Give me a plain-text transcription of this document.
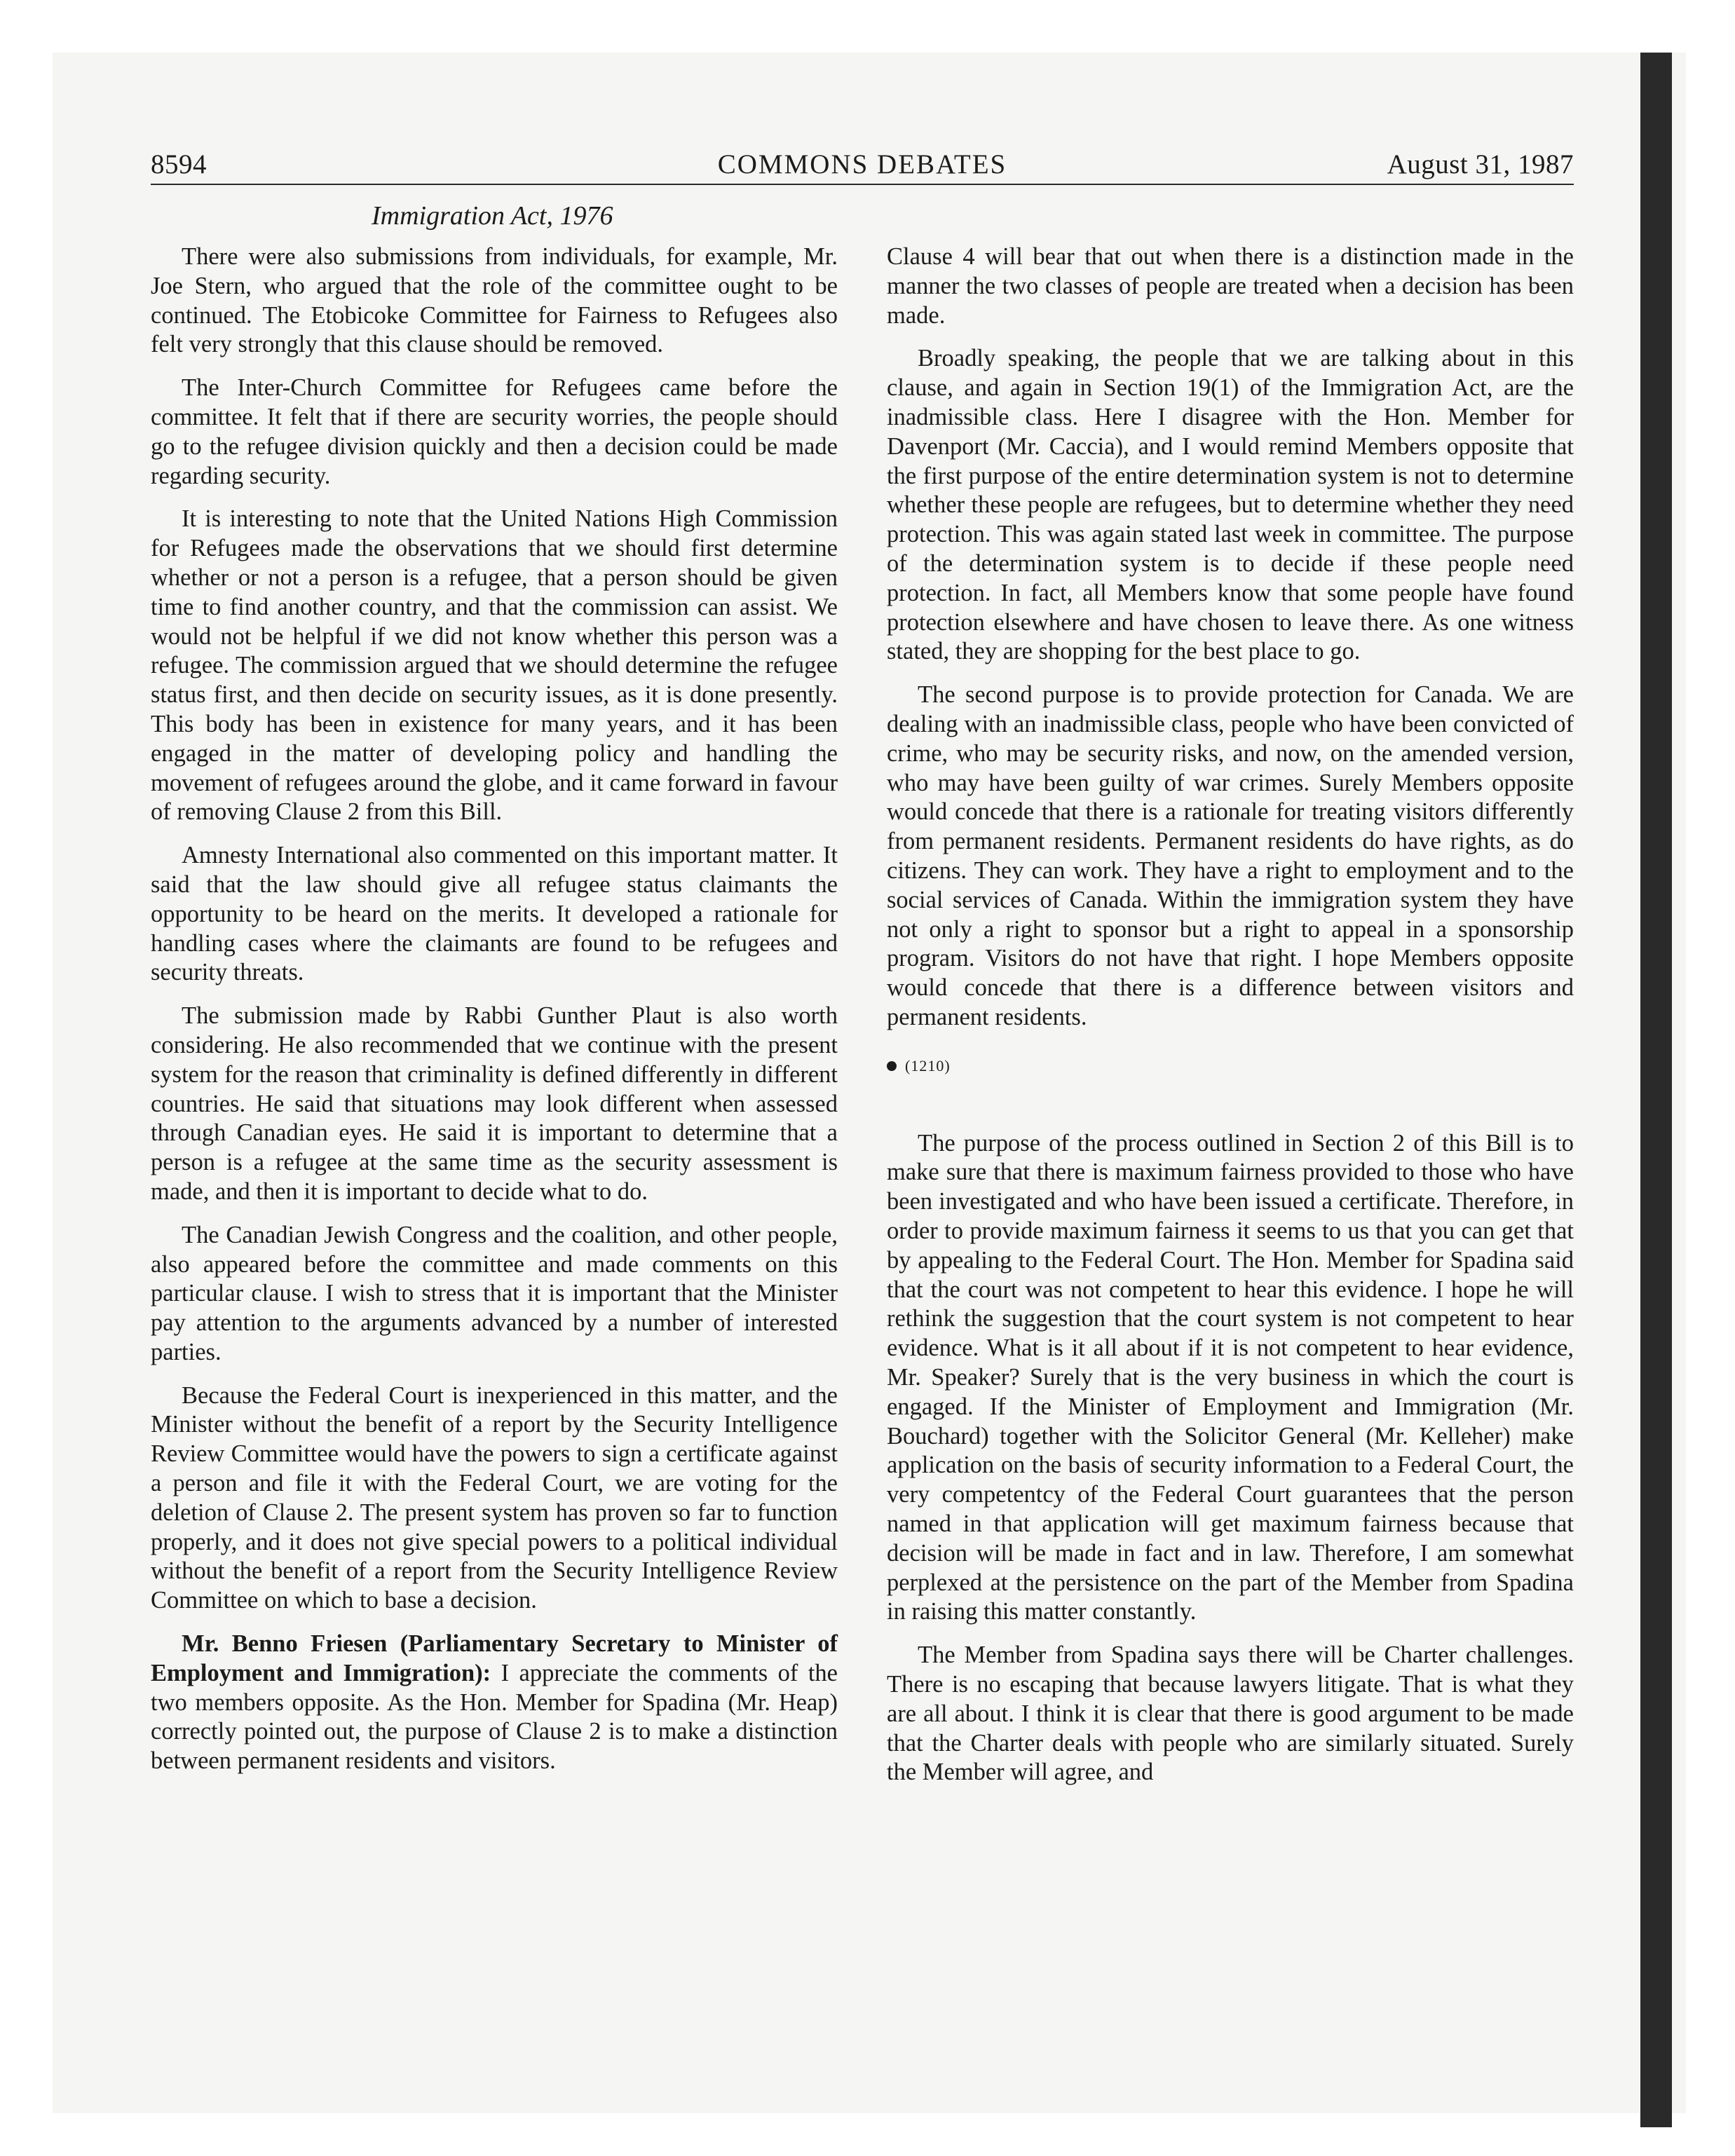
8594	COMMONS DEBATES	August 31, 1987
Immigration Act, 1976

There were also submissions from individuals, for example, Mr. Joe Stern, who argued that the role of the committee ought to be continued. The Etobicoke Committee for Fairness to Refugees also felt very strongly that this clause should be removed.

The Inter-Church Committee for Refugees came before the committee. It felt that if there are security worries, the people should go to the refugee division quickly and then a decision could be made regarding security.

It is interesting to note that the United Nations High Commission for Refugees made the observations that we should first determine whether or not a person is a refugee, that a person should be given time to find another country, and that the commission can assist. We would not be helpful if we did not know whether this person was a refugee. The commission argued that we should determine the refugee status first, and then decide on security issues, as it is done presently. This body has been in existence for many years, and it has been engaged in the matter of developing policy and handling the movement of refugees around the globe, and it came forward in favour of removing Clause 2 from this Bill.

Amnesty International also commented on this important matter. It said that the law should give all refugee status claimants the opportunity to be heard on the merits. It developed a rationale for handling cases where the claimants are found to be refugees and security threats.

The submission made by Rabbi Gunther Plaut is also worth considering. He also recommended that we continue with the present system for the reason that criminality is defined differently in different countries. He said that situations may look different when assessed through Canadian eyes. He said it is important to determine that a person is a refugee at the same time as the security assessment is made, and then it is important to decide what to do.

The Canadian Jewish Congress and the coalition, and other people, also appeared before the committee and made comments on this particular clause. I wish to stress that it is important that the Minister pay attention to the arguments advanced by a number of interested parties.

Because the Federal Court is inexperienced in this matter, and the Minister without the benefit of a report by the Security Intelligence Review Committee would have the powers to sign a certificate against a person and file it with the Federal Court, we are voting for the deletion of Clause 2. The present system has proven so far to function properly, and it does not give special powers to a political individual without the benefit of a report from the Security Intelligence Review Committee on which to base a decision.

Mr. Benno Friesen (Parliamentary Secretary to Minister of Employment and Immigration): I appreciate the comments of the two members opposite. As the Hon. Member for Spadina (Mr. Heap) correctly pointed out, the purpose of Clause 2 is to make a distinction between permanent residents and visitors.

Clause 4 will bear that out when there is a distinction made in the manner the two classes of people are treated when a decision has been made.

Broadly speaking, the people that we are talking about in this clause, and again in Section 19(1) of the Immigration Act, are the inadmissible class. Here I disagree with the Hon. Member for Davenport (Mr. Caccia), and I would remind Members opposite that the first purpose of the entire determination system is not to determine whether these people are refugees, but to determine whether they need protection. This was again stated last week in committee. The purpose of the determination system is to decide if these people need protection. In fact, all Members know that some people have found protection elsewhere and have chosen to leave there. As one witness stated, they are shopping for the best place to go.

The second purpose is to provide protection for Canada. We are dealing with an inadmissible class, people who have been convicted of crime, who may be security risks, and now, on the amended version, who may have been guilty of war crimes. Surely Members opposite would concede that there is a rationale for treating visitors differently from permanent residents. Permanent residents do have rights, as do citizens. They can work. They have a right to employment and to the social services of Canada. Within the immigration system they have not only a right to sponsor but a right to appeal in a sponsorship program. Visitors do not have that right. I hope Members opposite would concede that there is a difference between visitors and permanent residents.

(1210)

The purpose of the process outlined in Section 2 of this Bill is to make sure that there is maximum fairness provided to those who have been investigated and who have been issued a certificate. Therefore, in order to provide maximum fairness it seems to us that you can get that by appealing to the Federal Court. The Hon. Member for Spadina said that the court was not competent to hear this evidence. I hope he will rethink the suggestion that the court system is not competent to hear evidence. What is it all about if it is not competent to hear evidence, Mr. Speaker? Surely that is the very business in which the court is engaged. If the Minister of Employment and Immigration (Mr. Bouchard) together with the Solicitor General (Mr. Kelleher) make application on the basis of security information to a Federal Court, the very competentcy of the Federal Court guarantees that the person named in that application will get maximum fairness because that decision will be made in fact and in law. Therefore, I am somewhat perplexed at the persistence on the part of the Member from Spadina in raising this matter constantly.

The Member from Spadina says there will be Charter challenges. There is no escaping that because lawyers litigate. That is what they are all about. I think it is clear that there is good argument to be made that the Charter deals with people who are similarly situated. Surely the Member will agree, and
